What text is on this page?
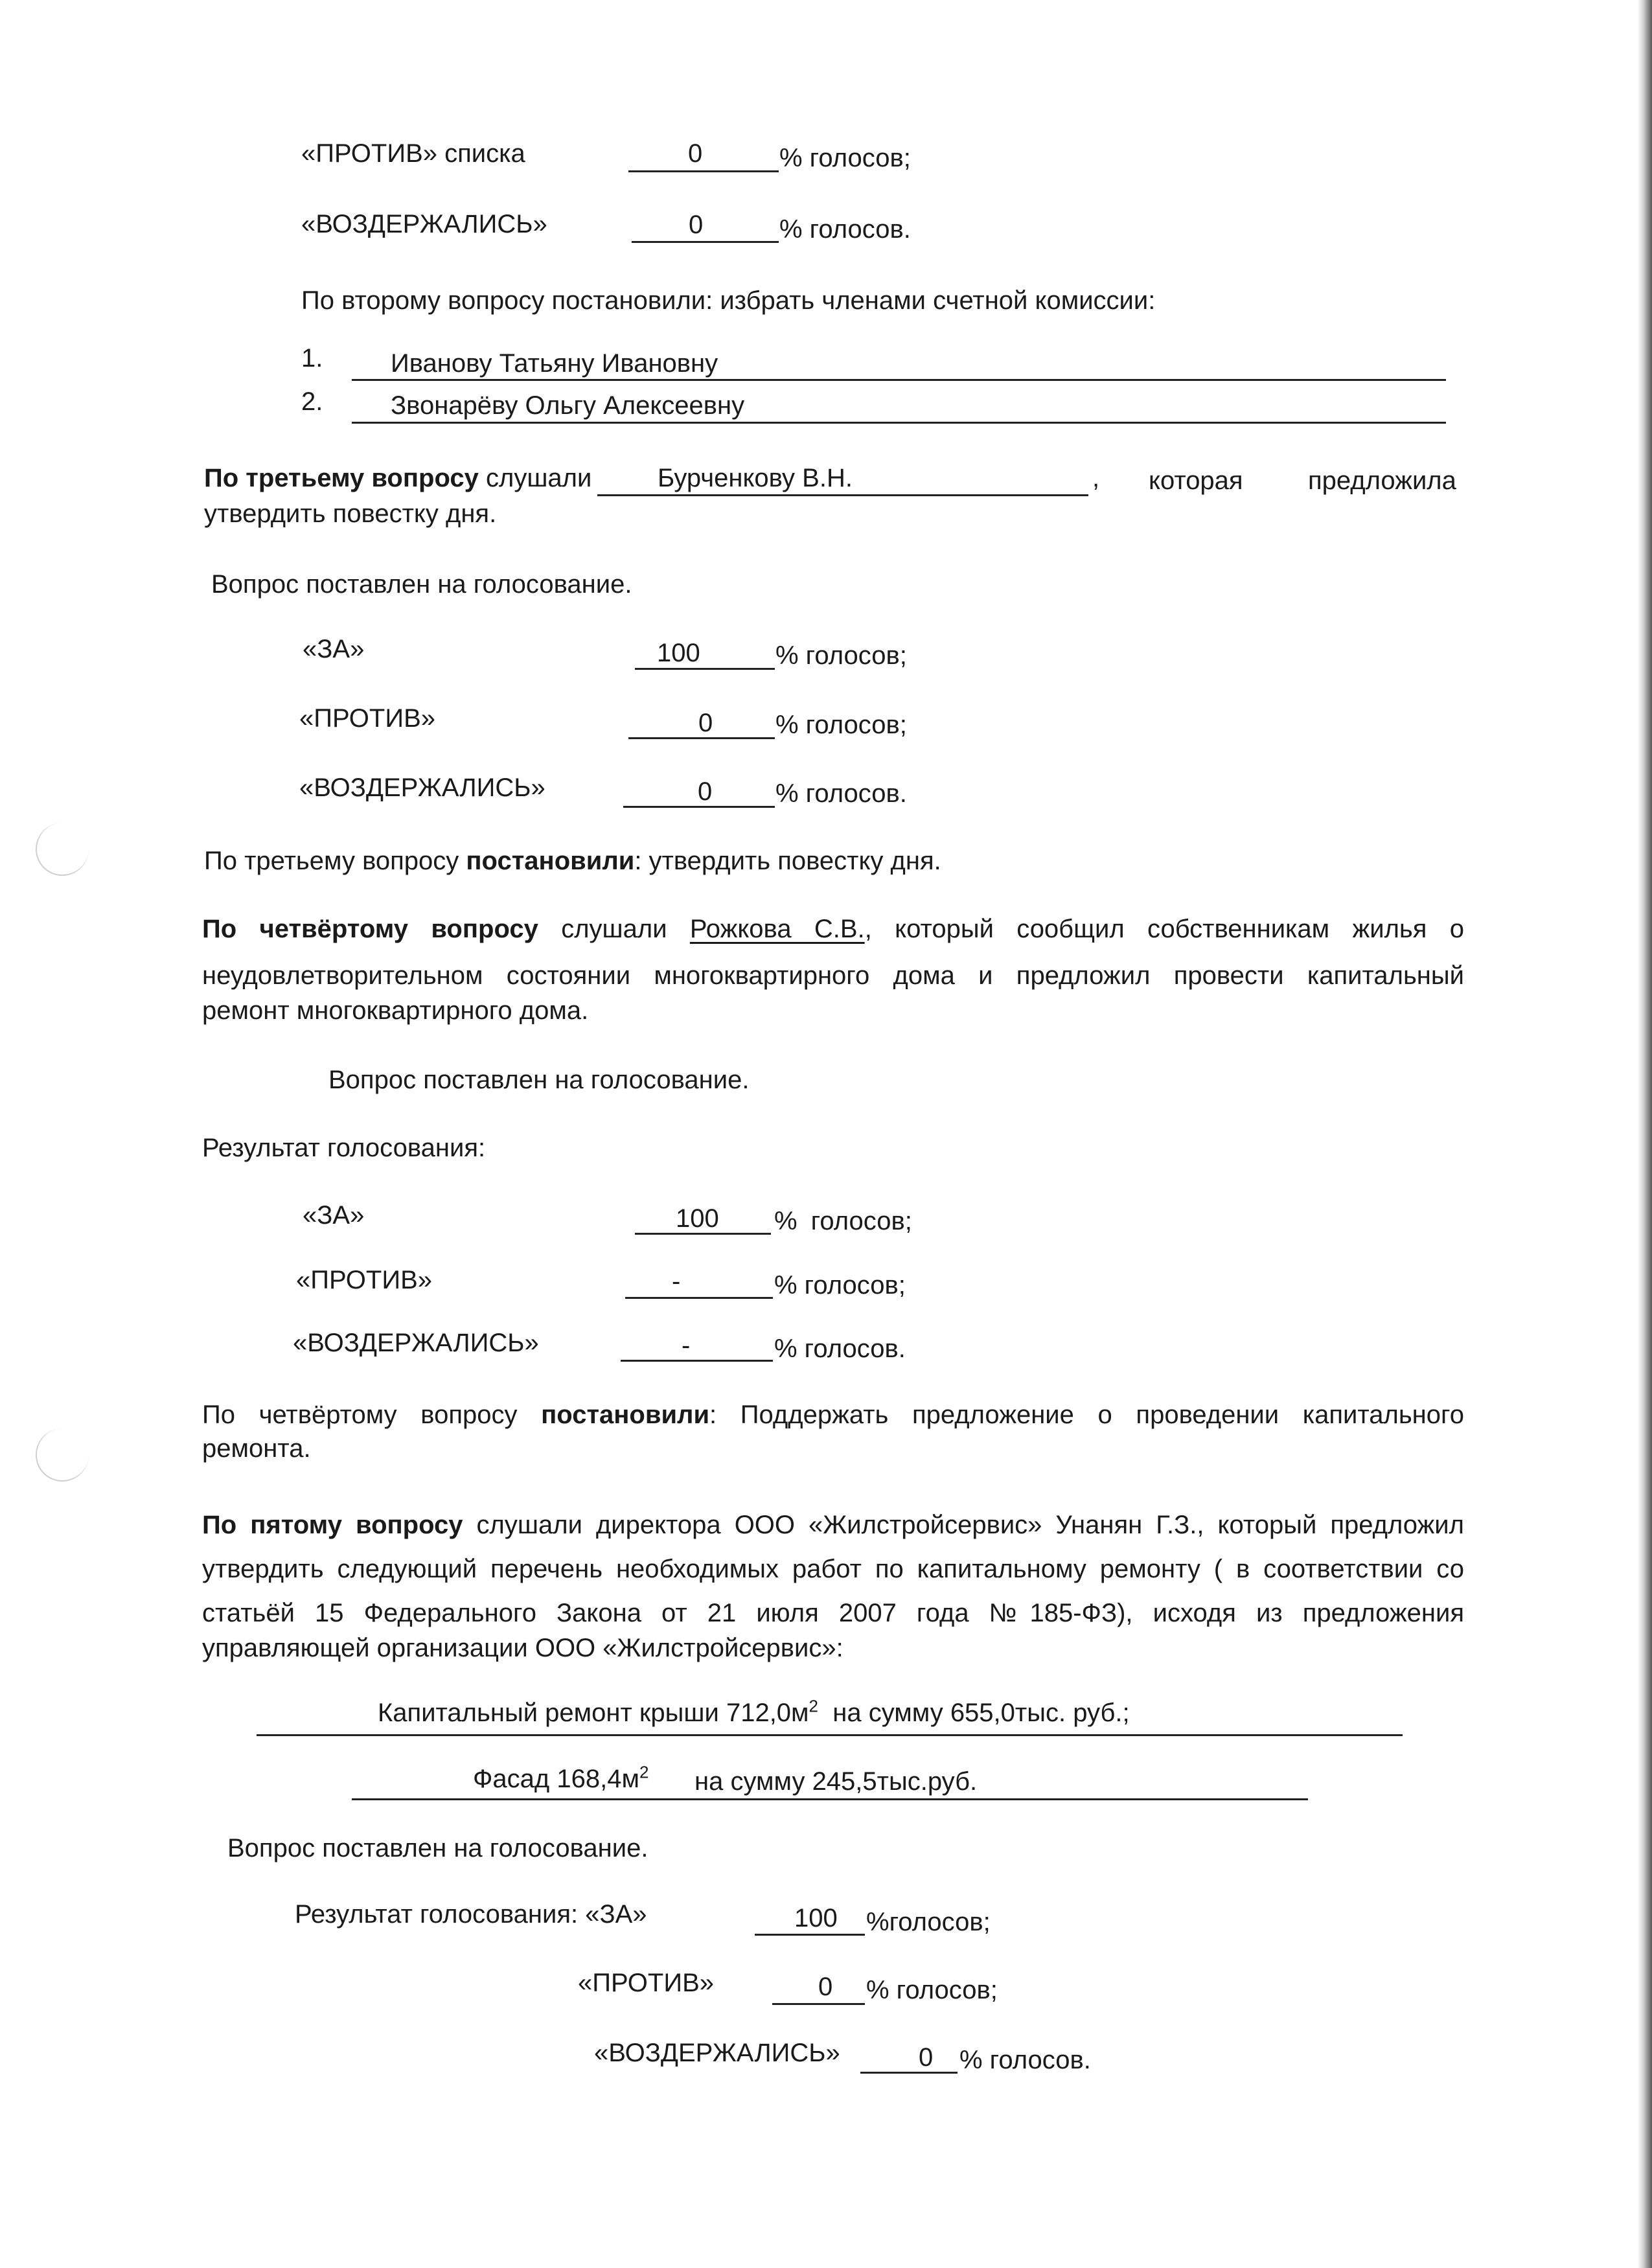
«ПРОТИВ» списка	0	% голосов;
«ВОЗДЕРЖАЛИСЬ»	0	% голосов.
По второму вопросу постановили: избрать членами счетной комиссии:
1.	Иванову Татьяну Ивановну
2.	Звонарёву Ольгу Алексеевну
По третьему вопросу слушали	Бурченкову В.Н.	, которая	предложила
утвердить повестку дня.
Вопрос поставлен на голосование.
«ЗА»	100	% голосов;
«ПРОТИВ»	0 % голосов;
«ВОЗДЕРЖАЛИСЬ»	0 % голосов.
По третьему вопросу постановили: утвердить повестку дня.
По четвёртому вопросу слушали Рожкова С.В., который сообщил собственникам жилья о
неудовлетворительном состоянии многоквартирного дома и предложил провести капитальный
ремонт многоквартирного дома.
Вопрос поставлен на голосование.
Результат голосования:
«ЗА»	100 % голосов;
«ПРОТИВ»	-	% голосов;
«ВОЗДЕРЖАЛИСЬ»	-	% голосов.
По четвёртому вопросу постановили: Поддержать предложение о проведении капитального
ремонта.
По пятому вопросу слушали директора ООО «Жилстройсервис» Унанян Г.З., который предложил
утвердить следующий перечень необходимых работ по капитальному ремонту ( в соответствии со
статьёй 15 Федерального Закона от 21 июля 2007 года №185-ФЗ), исходя из предложения
управляющей организации ООО «Жилстройсервис»:
Капитальный ремонт крыши $712,0м^2$ на сумму 655,0тыс. руб.;
Фасад $168,4м^2$ на сумму 245,5тыс.руб.
Вопрос поставлен на голосование.
Результат голосования: «ЗА»	100 %голосов;
«ПРОТИВ»	0 % голосов;
«ВОЗДЕРЖАЛИСЬ»	0 % голосов.
